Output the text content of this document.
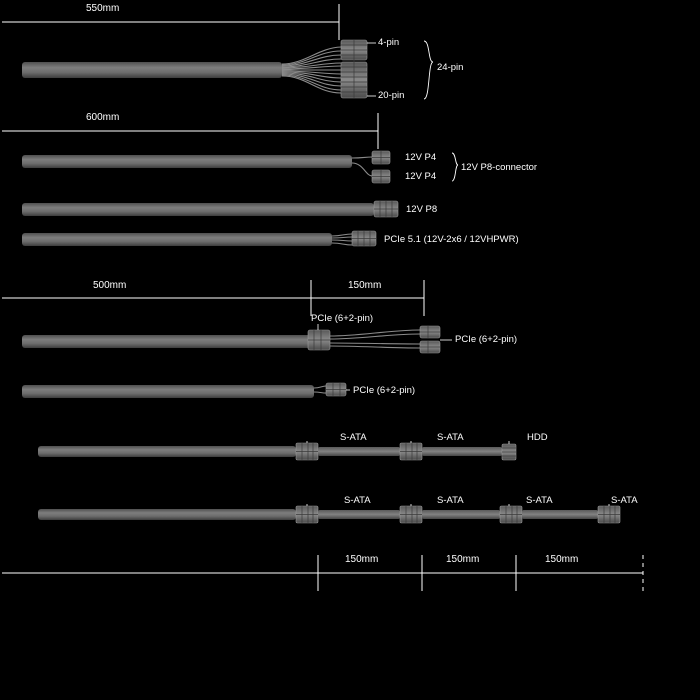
550mm
600mm
500mm	150mm
150mm	150mm	150mm
4-pin
20-pin
24-pin
12V P4
12V P4
12V P8-connector
12V P8
PCIe 5.1 (12V-2x6 / 12VHPWR)
PCIe (6+2-pin)
PCIe (6+2-pin)
PCIe (6+2-pin)
S-ATA	S-ATA	HDD
S-ATA	S-ATA	S-ATA	S-ATA
